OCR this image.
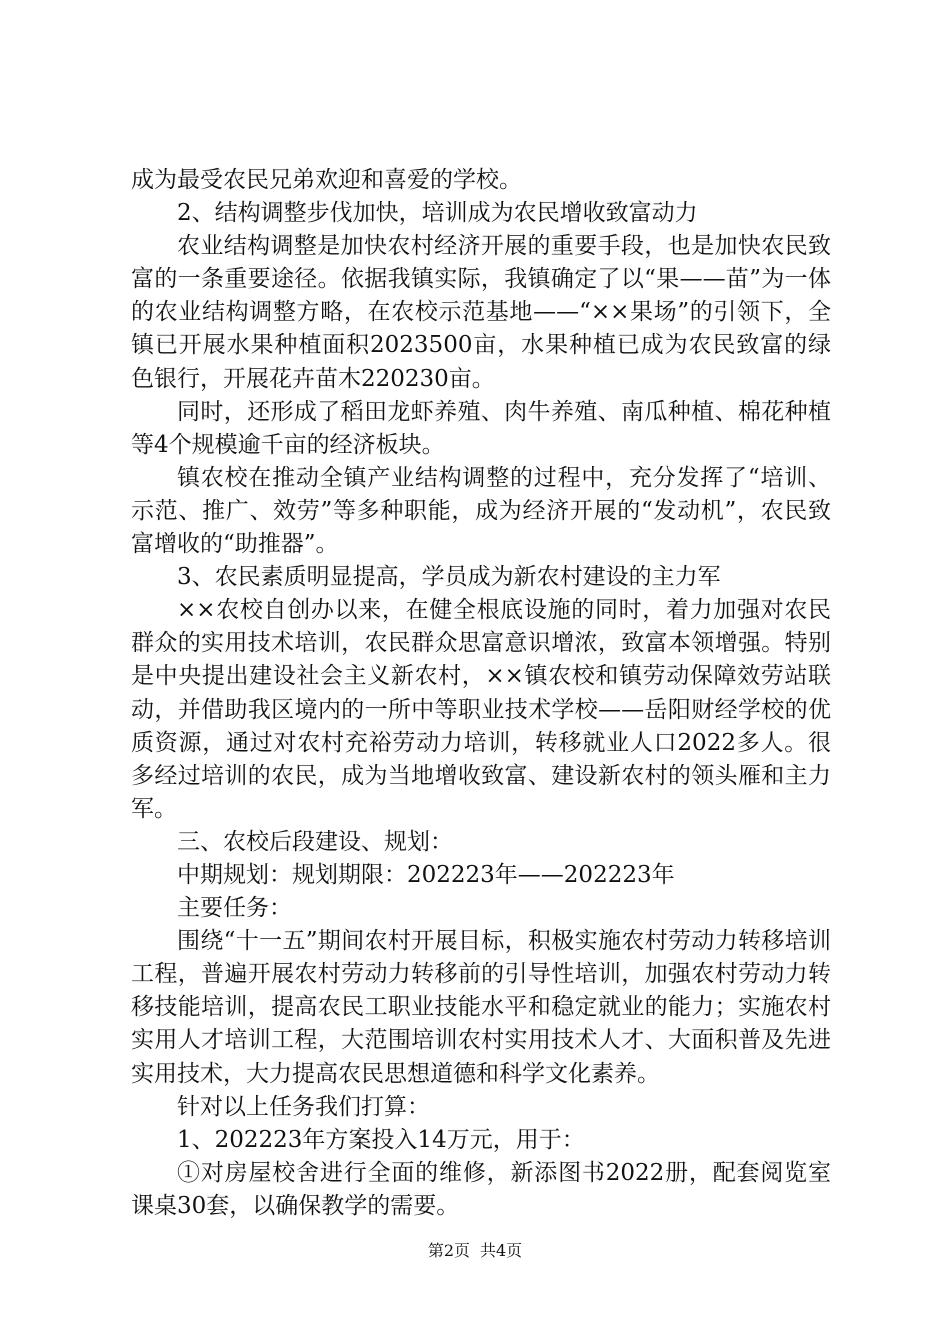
成为最受农民兄弟欢迎和喜爱的学校。

2、结构调整步伐加快，培训成为农民增收致富动力

农业结构调整是加快农村经济开展的重要手段，也是加快农民致富的一条重要途径。依据我镇实际，我镇确定了以“果——苗”为一体的农业结构调整方略，在农校示范基地——“××果场”的引领下，全镇已开展水果种植面积2023500亩，水果种植已成为农民致富的绿色银行，开展花卉苗木220230亩。

同时，还形成了稻田龙虾养殖、肉牛养殖、南瓜种植、棉花种植等4个规模逾千亩的经济板块。

镇农校在推动全镇产业结构调整的过程中，充分发挥了“培训、示范、推广、效劳”等多种职能，成为经济开展的“发动机”，农民致富增收的“助推器”。

3、农民素质明显提高，学员成为新农村建设的主力军

××农校自创办以来，在健全根底设施的同时，着力加强对农民群众的实用技术培训，农民群众思富意识增浓，致富本领增强。特别是中央提出建设社会主义新农村，××镇农校和镇劳动保障效劳站联动，并借助我区境内的一所中等职业技术学校——岳阳财经学校的优质资源，通过对农村充裕劳动力培训，转移就业人口2022多人。很多经过培训的农民，成为当地增收致富、建设新农村的领头雁和主力军。

三、农校后段建设、规划：

中期规划：规划期限：202223年——202223年

主要任务：

围绕“十一五”期间农村开展目标，积极实施农村劳动力转移培训工程，普遍开展农村劳动力转移前的引导性培训，加强农村劳动力转移技能培训，提高农民工职业技能水平和稳定就业的能力；实施农村实用人才培训工程，大范围培训农村实用技术人才、大面积普及先进实用技术，大力提高农民思想道德和科学文化素养。

针对以上任务我们打算：

1、202223年方案投入14万元，用于：

①对房屋校舍进行全面的维修，新添图书2022册，配套阅览室课桌30套，以确保教学的需要。

第2页 共4页
